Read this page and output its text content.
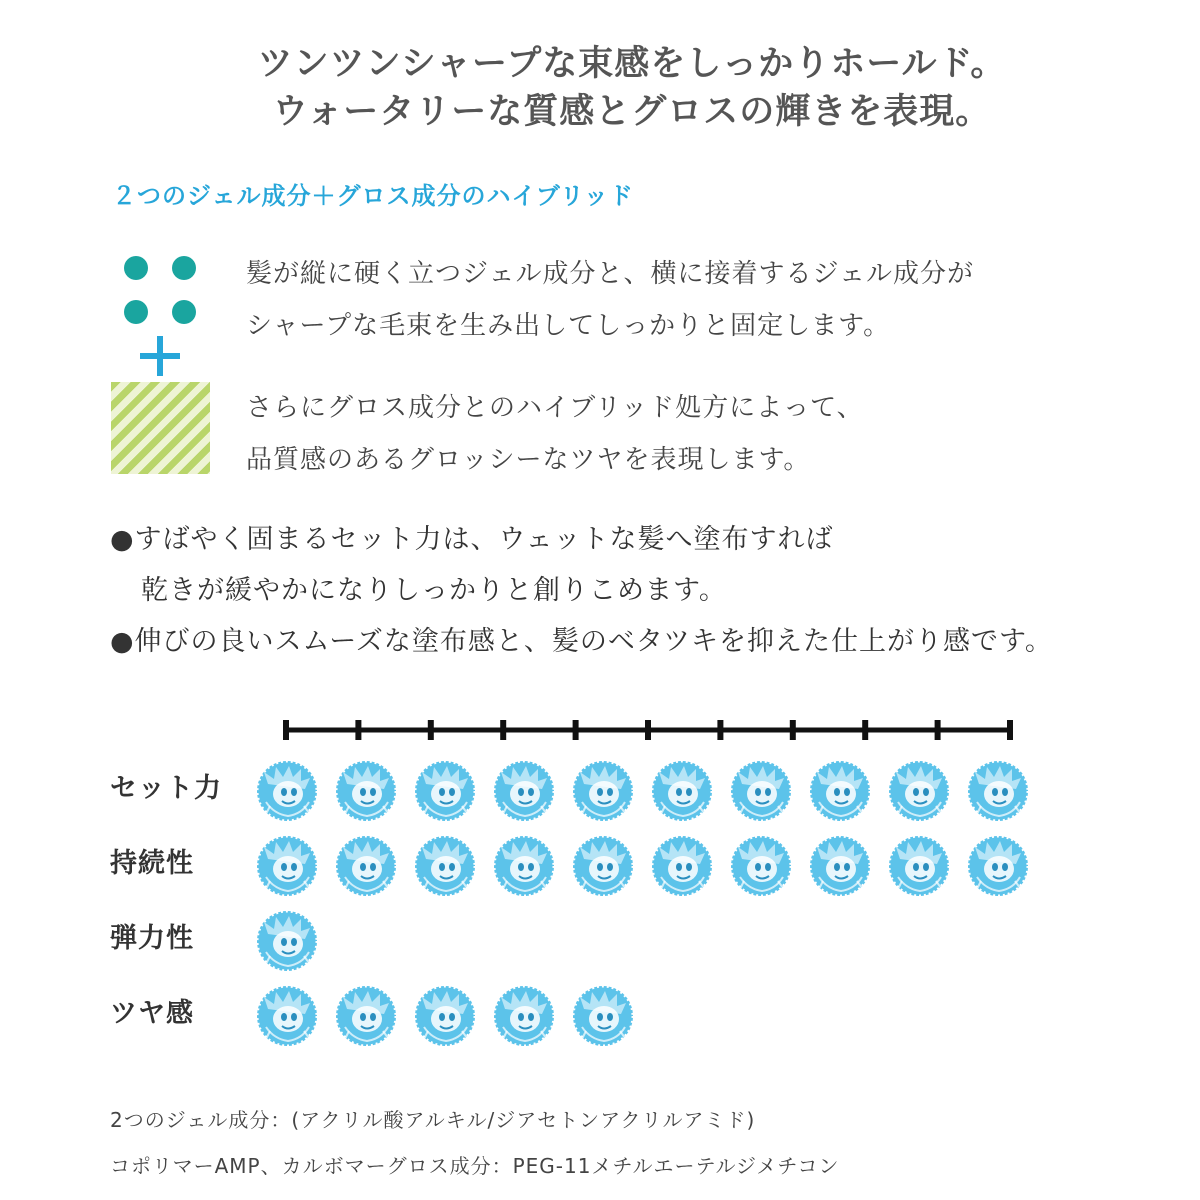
ツンツンシャープな束感をしっかりホールド。
ウォータリーな質感とグロスの輝きを表現。
２つのジェル成分＋グロス成分のハイブリッド
髪が縦に硬く立つジェル成分と、横に接着するジェル成分が
シャープな毛束を生み出してしっかりと固定します。
さらにグロス成分とのハイブリッド処方によって、
品質感のあるグロッシーなツヤを表現します。
●すばやく固まるセット力は、ウェットな髪へ塗布すれば
乾きが緩やかになりしっかりと創りこめます。
●伸びの良いスムーズな塗布感と、髪のベタツキを抑えた仕上がり感です。
セット力
持続性
弾力性
ツヤ感
2つのジェル成分：(アクリル酸アルキル/ジアセトンアクリルアミド)
コポリマーAMP、カルボマーグロス成分：PEG-11メチルエーテルジメチコン
